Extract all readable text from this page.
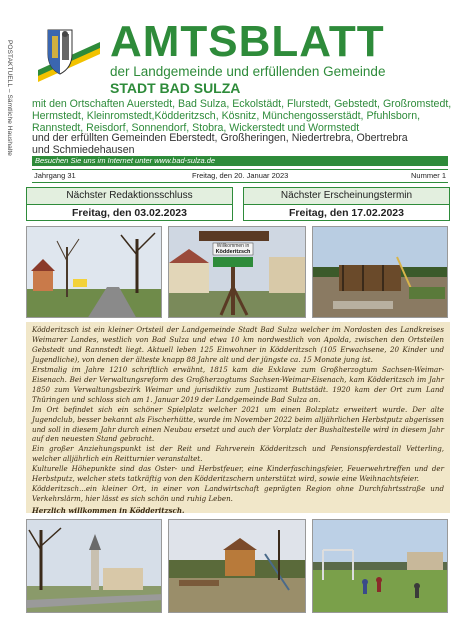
POSTAKTUELL – Sämtliche Haushalte AMTSBLATT
der Landgemeinde und erfüllenden Gemeinde
STADT BAD SULZA
mit den Ortschaften Auerstedt, Bad Sulza, Eckolstädt, Flurstedt, Gebstedt, Großromstedt,
Hermstedt, Kleinromstedt,Ködderitzsch, Kösnitz, Münchengosserstädt, Pfuhlsborn,
Rannstedt, Reisdorf, Sonnendorf, Stobra, Wickerstedt und Wormstedt
und der erfüllten Gemeinden Eberstedt, Großheringen, Niedertrebra, Obertrebra
und Schmiedehausen
Besuchen Sie uns im Internet unter www.bad-sulza.de
Jahrgang 31	Freitag, den 20. Januar 2023	Nummer 1
Nächster Redaktionsschluss
Freitag, den 03.02.2023
Nächster Erscheinungstermin
Freitag, den 17.02.2023
Willkommen in
Ködderitzsch

Ködderitzsch ist ein kleiner Ortsteil der Landgemeinde Stadt Bad Sulza welcher im Nordosten des Landkreises Weimarer Landes, westlich von Bad Sulza und etwa 10 km nordwestlich von Apolda, zwischen den Ortsteilen Gebstedt und Rannstedt liegt. Aktuell leben 125 Einwohner in Ködderitzsch (105 Erwachsene, 20 Kinder und Jugendliche), von denen der älteste knapp 88 Jahre alt und der jüngste ca. 15 Monate jung ist.

Erstmalig im Jahre 1210 schriftlich erwähnt, 1815 kam die Exklave zum Großherzogtum Sachsen-Weimar-Eisenach. Bei der Verwaltungsreform des Großherzogtums Sachsen-Weimar-Eisenach, kam Ködderitzsch im Jahr 1850 zum Verwaltungsbezirk Weimar und jurisdiktiv zum Justizamt Buttstädt. 1920 kam der Ort zum Land Thüringen und schloss sich am 1. Januar 2019 der Landgemeinde Bad Sulza an.

Im Ort befindet sich ein schöner Spielplatz welcher 2021 um einen Bolzplatz erweitert wurde. Der alte Jugendclub, besser bekannt als Fischerhütte, wurde im November 2022 beim alljährlichen Herbstputz abgerissen und soll in diesem Jahr durch einen Neubau ersetzt und auch der Vorplatz der Bushaltestelle wird in diesem Jahr auf den neuesten Stand gebracht.

Ein großer Anziehungspunkt ist der Reit und Fahrverein Ködderitzsch und Pensionspferdestall Vetterling, welcher alljährlich ein Reitturnier veranstaltet.

Kulturelle Höhepunkte sind das Oster- und Herbstfeuer, eine Kinderfaschingsfeier, Feuerwehrtreffen und der Herbstputz, welcher stets tatkräftig von den Ködderitzschern unterstützt wird, sowie eine Weihnachtsfeier.

Ködderitzsch...ein kleiner Ort, in einer von Landwirtschaft geprägten Region ohne Durchfahrtsstraße und Verkehrslärm, hier lässt es sich schön und ruhig Leben.

Herzlich willkommen in Ködderitzsch.
